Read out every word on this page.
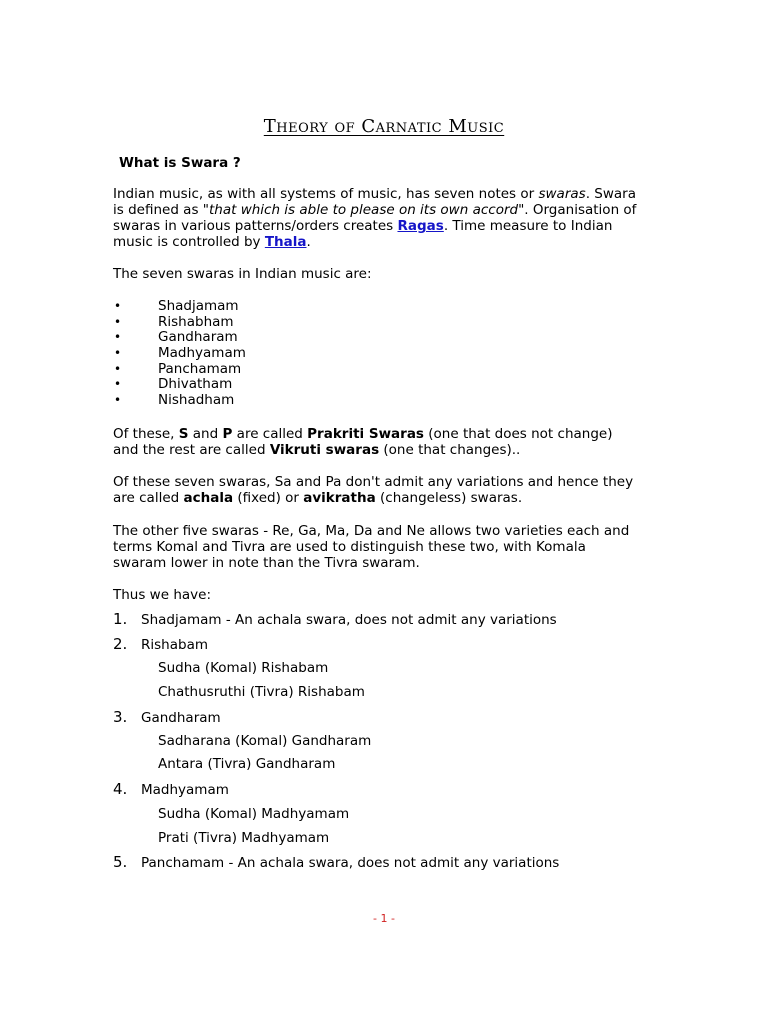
Theory of Carnatic Music
What is Swara ?
Indian music, as with all systems of music, has seven notes or swaras. Swara
is defined as "that which is able to please on its own accord". Organisation of
swaras in various patterns/orders creates Ragas. Time measure to Indian
music is controlled by Thala.
The seven swaras in Indian music are:
• Shadjamam
• Rishabham
• Gandharam
• Madhyamam
• Panchamam
• Dhivatham
• Nishadham
Of these, S and P are called Prakriti Swaras (one that does not change)
and the rest are called Vikruti swaras (one that changes)..
Of these seven swaras, Sa and Pa don't admit any variations and hence they
are called achala (fixed) or avikratha (changeless) swaras.
The other five swaras - Re, Ga, Ma, Da and Ne allows two varieties each and
terms Komal and Tivra are used to distinguish these two, with Komala
swaram lower in note than the Tivra swaram.
Thus we have:
1. Shadjamam - An achala swara, does not admit any variations
2. Rishabam
Sudha (Komal) Rishabam
Chathusruthi (Tivra) Rishabam
3. Gandharam
Sadharana (Komal) Gandharam
Antara (Tivra) Gandharam
4. Madhyamam
Sudha (Komal) Madhyamam
Prati (Tivra) Madhyamam
5. Panchamam - An achala swara, does not admit any variations
- 1 -
